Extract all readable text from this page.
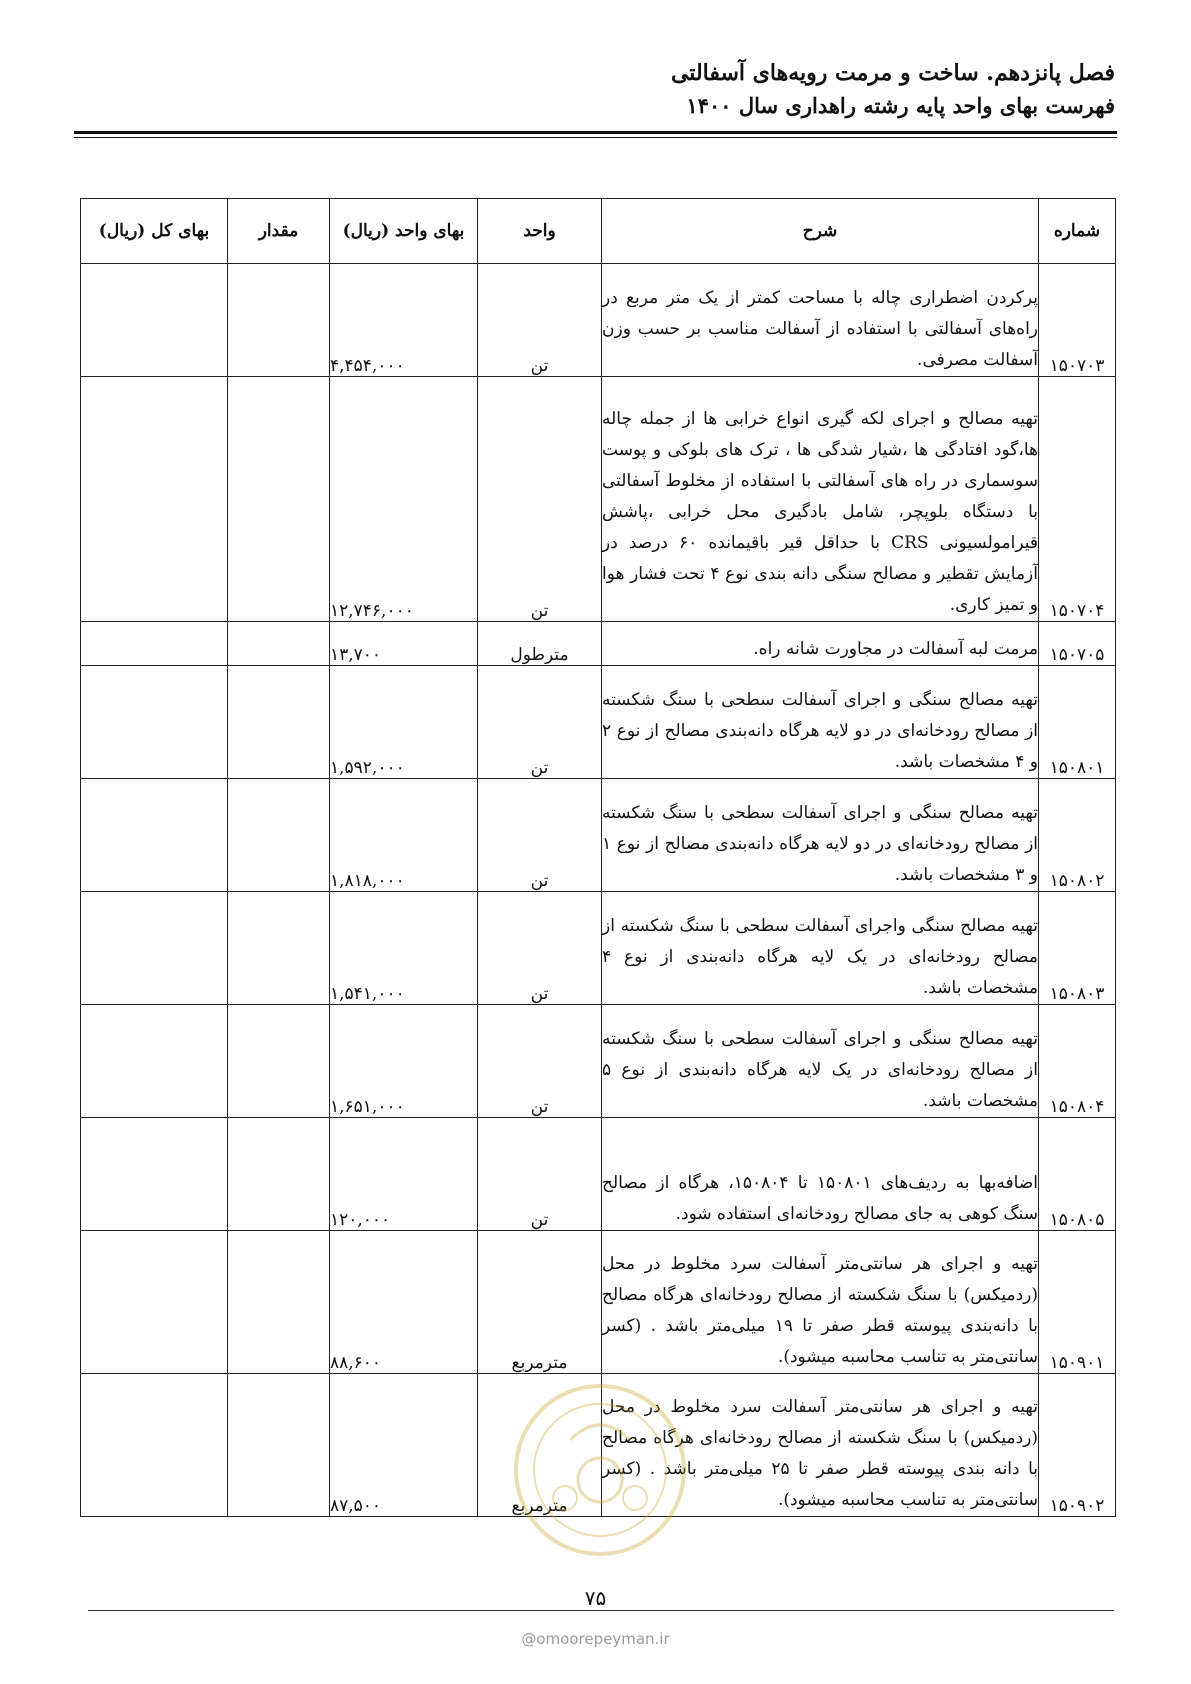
فصل پانزدهم. ساخت و مرمت رویه‌های آسفالتی
فهرست بهای واحد پایه رشته راهداری سال ۱۴۰۰
شماره	شرح	واحد	بهای واحد (ریال)	مقدار	بهای کل (ریال)
۱۵۰۷۰۳	پرکردن اضطراری چاله با مساحت کمتر از یک متر مربع در راه‌های آسفالتی با استفاده از آسفالت مناسب بر حسب وزن آسفالت مصرفی.	تن	۴,۴۵۴,۰۰۰		
۱۵۰۷۰۴	تهیه مصالح و اجرای لکه گیری انواع خرابی ها از جمله چاله ها،گود افتادگی ها ،شیار شدگی ها ، ترک های بلوکی و پوست سوسماری در راه های آسفالتی با استفاده از مخلوط آسفالتی با دستگاه بلوپچر، شامل بادگیری محل خرابی ،پاشش قیرامولسیونی CRS با حداقل قیر باقیمانده ۶۰ درصد در آزمایش تقطیر و مصالح سنگی دانه بندی نوع ۴ تحت فشار هوا و تمیز کاری.	تن	۱۲,۷۴۶,۰۰۰		
۱۵۰۷۰۵	مرمت لبه آسفالت در مجاورت شانه راه.	مترطول	۱۳,۷۰۰		
۱۵۰۸۰۱	تهیه مصالح سنگی و اجرای آسفالت سطحی با سنگ شکسته از مصالح رودخانه‌ای در دو لایه هرگاه دانه‌بندی مصالح از نوع ۲ و ۴ مشخصات باشد.	تن	۱,۵۹۲,۰۰۰		
۱۵۰۸۰۲	تهیه مصالح سنگی و اجرای آسفالت سطحی با سنگ شکسته از مصالح رودخانه‌ای در دو لایه هرگاه دانه‌بندی مصالح از نوع ۱ و ۳ مشخصات باشد.	تن	۱,۸۱۸,۰۰۰		
۱۵۰۸۰۳	تهیه مصالح سنگی واجرای آسفالت سطحی با سنگ شکسته از مصالح رودخانه‌ای در یک لایه هرگاه دانه‌بندی از نوع ۴ مشخصات باشد.	تن	۱,۵۴۱,۰۰۰		
۱۵۰۸۰۴	تهیه مصالح سنگی و اجرای آسفالت سطحی با سنگ شکسته از مصالح رودخانه‌ای در یک لایه هرگاه دانه‌بندی از نوع ۵ مشخصات باشد.	تن	۱,۶۵۱,۰۰۰		
۱۵۰۸۰۵	اضافه‌بها به ردیف‌های ۱۵۰۸۰۱ تا ۱۵۰۸۰۴، هرگاه از مصالح سنگ کوهی به جای مصالح رودخانه‌ای استفاده شود.	تن	۱۲۰,۰۰۰		
۱۵۰۹۰۱	تهیه و اجرای هر سانتی‌متر آسفالت سرد مخلوط در محل (ردمیکس) با سنگ شکسته از مصالح رودخانه‌ای هرگاه مصالح با دانه‌بندی پیوسته قطر صفر تا ۱۹ میلی‌متر باشد . (کسر سانتی‌متر به تناسب محاسبه میشود).	مترمربع	۸۸,۶۰۰		
۱۵۰۹۰۲	تهیه و اجرای هر سانتی‌متر آسفالت سرد مخلوط در محل (ردمیکس) با سنگ شکسته از مصالح رودخانه‌ای هرگاه مصالح با دانه بندی پیوسته قطر صفر تا ۲۵ میلی‌متر باشد . (کسر سانتی‌متر به تناسب محاسبه میشود).	مترمربع	۸۷,۵۰۰		
۷۵
@omoorepeyman.ir
